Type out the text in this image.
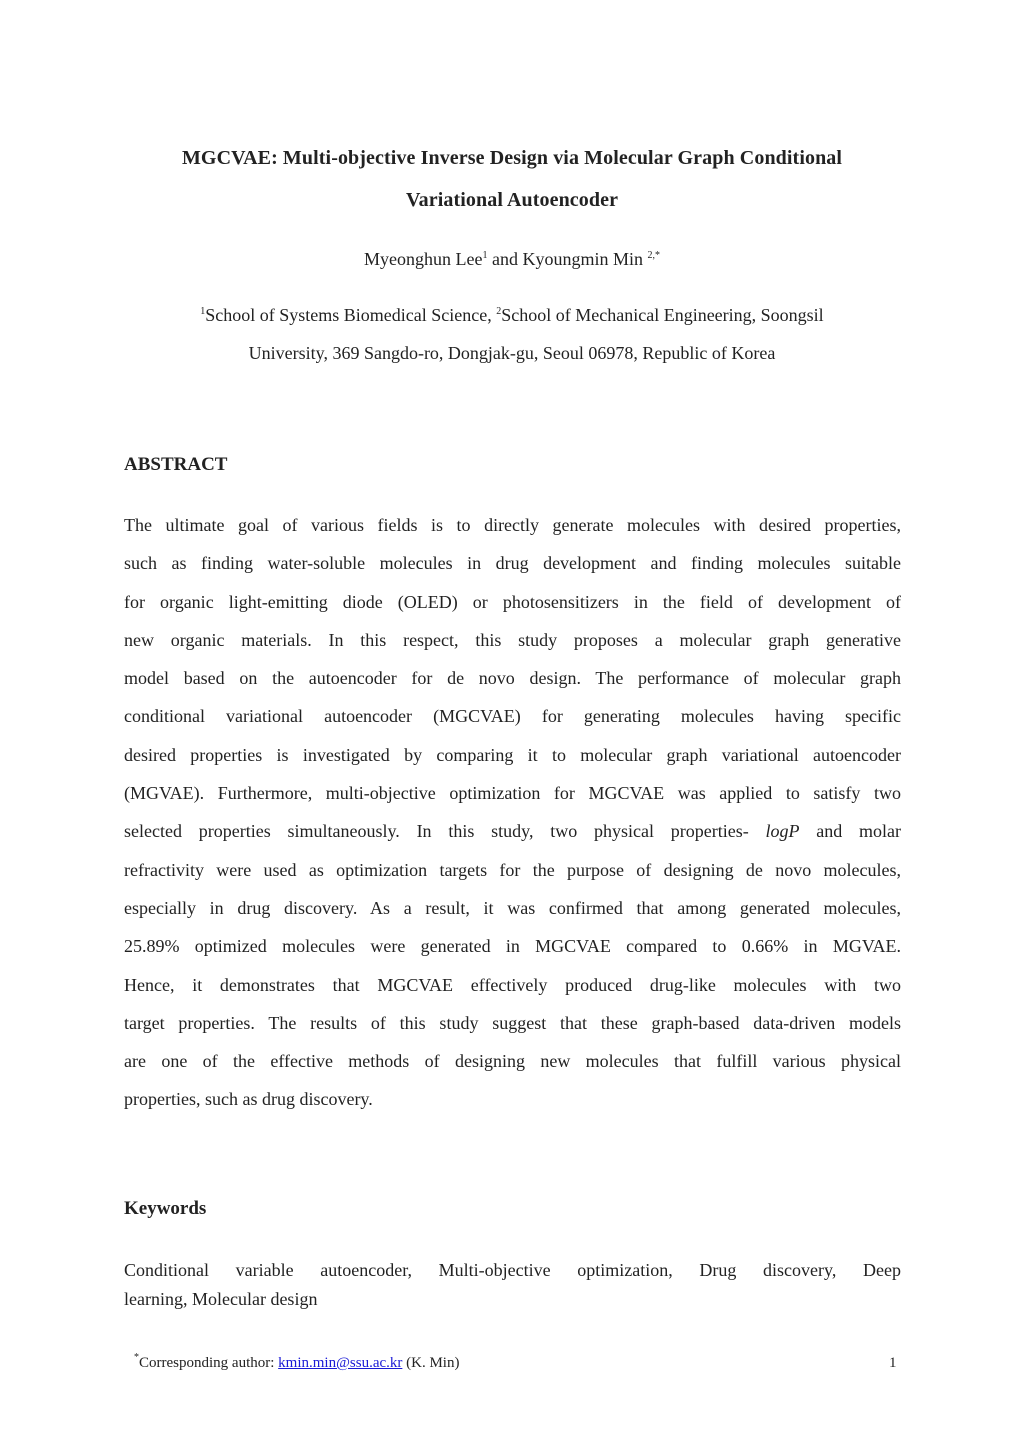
MGCVAE: Multi-objective Inverse Design via Molecular Graph Conditional
Variational Autoencoder
Myeonghun Lee$^1$ and Kyoungmin Min $^{2,*}$
$^1$School of Systems Biomedical Science, $^2$School of Mechanical Engineering, Soongsil
University, 369 Sangdo-ro, Dongjak-gu, Seoul 06978, Republic of Korea
ABSTRACT
The ultimate goal of various fields is to directly generate molecules with desired properties,
such as finding water-soluble molecules in drug development and finding molecules suitable
for organic light-emitting diode (OLED) or photosensitizers in the field of development of
new organic materials. In this respect, this study proposes a molecular graph generative
model based on the autoencoder for de novo design. The performance of molecular graph
conditional variational autoencoder (MGCVAE) for generating molecules having specific
desired properties is investigated by comparing it to molecular graph variational autoencoder
(MGVAE). Furthermore, multi-objective optimization for MGCVAE was applied to satisfy two
selected properties simultaneously. In this study, two physical properties- logP and molar
refractivity were used as optimization targets for the purpose of designing de novo molecules,
especially in drug discovery. As a result, it was confirmed that among generated molecules,
25.89% optimized molecules were generated in MGCVAE compared to 0.66% in MGVAE.
Hence, it demonstrates that MGCVAE effectively produced drug-like molecules with two
target properties. The results of this study suggest that these graph-based data-driven models
are one of the effective methods of designing new molecules that fulfill various physical
properties, such as drug discovery.
Keywords
Conditional variable autoencoder, Multi-objective optimization, Drug discovery, Deep
learning, Molecular design
*Corresponding author: kmin.min@ssu.ac.kr (K. Min)	1
